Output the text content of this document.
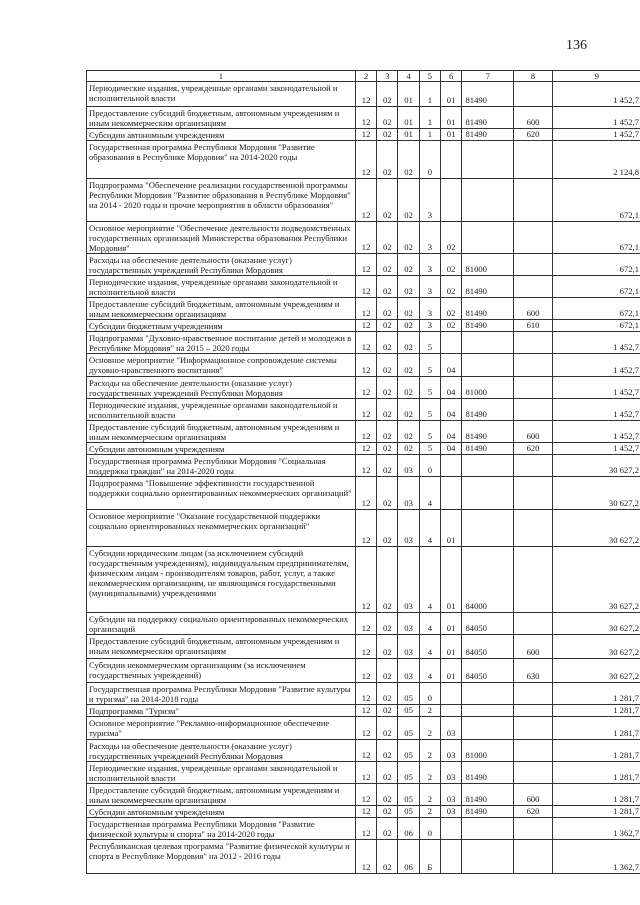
136
1	2	3	4	5	6	7	8	9
Периодические издания, учрежденные органами законодательной и исполнительной власти	12	02	01	1	01	81490		1 452,7
Предоставление субсидий бюджетным, автономным учреждениям и иным некоммерческим организациям	12	02	01	1	01	81490	600	1 452,7
Субсидии автономным учреждениям	12	02	01	1	01	81490	620	1 452,7
Государственная программа Республики Мордовия "Развитие образования в Республике Мордовия" на 2014-2020 годы	12	02	02	0				2 124,8
Подпрограмма "Обеспечение реализации государственной программы Республики Мордовия "Развитие образования в Республике Мордовия" на 2014 - 2020 годы и прочие мероприятия в области образования"	12	02	02	3				672,1
Основное мероприятие "Обеспечение деятельности подведомственных государственных организаций Министерства образования Республики Мордовия"	12	02	02	3	02			672,1
Расходы на обеспечение деятельности (оказание услуг) государственных учреждений Республики Мордовия	12	02	02	3	02	81000		672,1
Периодические издания, учрежденные органами законодательной и исполнительной власти	12	02	02	3	02	81490		672,1
Предоставление субсидий бюджетным, автономным учреждениям и иным некоммерческим организациям	12	02	02	3	02	81490	600	672,1
Субсидии бюджетным учреждениям	12	02	02	3	02	81490	610	672,1
Подпрограмма "Духовно-нравственное воспитание детей и молодежи в Республике Мордовия" на 2015 – 2020 годы	12	02	02	5				1 452,7
Основное мероприятие "Информационное сопровождение системы духовно-нравственного воспитания"	12	02	02	5	04			1 452,7
Расходы на обеспечение деятельности (оказание услуг) государственных учреждений Республики Мордовия	12	02	02	5	04	81000		1 452,7
Периодические издания, учрежденные органами законодательной и исполнительной власти	12	02	02	5	04	81490		1 452,7
Предоставление субсидий бюджетным, автономным учреждениям и иным некоммерческим организациям	12	02	02	5	04	81490	600	1 452,7
Субсидии автономным учреждениям	12	02	02	5	04	81490	620	1 452,7
Государственная программа Республики Мордовия "Социальная поддержка граждан" на 2014-2020 годы	12	02	03	0				30 627,2
Подпрограмма "Повышение эффективности государственной поддержки социально ориентированных некоммерческих организаций"	12	02	03	4				30 627,2
Основное мероприятие "Оказание государственной поддержки социально ориентированных некоммерческих организаций"	12	02	03	4	01			30 627,2
Субсидии юридическим лицам (за исключением субсидий государственным учреждениям), индивидуальным предпринимателям, физическим лицам - производителям товаров, работ, услуг, а также некоммерческим организациям, не являющимся государственными (муниципальными) учреждениями	12	02	03	4	01	84000		30 627,2
Субсидии на поддержку социально ориентированных некоммерческих организаций	12	02	03	4	01	84050		30 627,2
Предоставление субсидий бюджетным, автономным учреждениям и иным некоммерческим организациям	12	02	03	4	01	84050	600	30 627,2
Субсидии некоммерческим организациям (за исключением государственных учреждений)	12	02	03	4	01	84050	630	30 627,2
Государственная программа Республики Мордовия "Развитие культуры и туризма" на 2014-2018 годы	12	02	05	0				1 281,7
Подпрограмма "Туризм"	12	02	05	2				1 281,7
Основное мероприятие "Рекламно-информационное обеспечение туризма"	12	02	05	2	03			1 281,7
Расходы на обеспечение деятельности (оказание услуг) государственных учреждений Республики Мордовия	12	02	05	2	03	81000		1 281,7
Периодические издания, учрежденные органами законодательной и исполнительной власти	12	02	05	2	03	81490		1 281,7
Предоставление субсидий бюджетным, автономным учреждениям и иным некоммерческим организациям	12	02	05	2	03	81490	600	1 281,7
Субсидии автономным учреждениям	12	02	05	2	03	81490	620	1 281,7
Государственная программа Республики Мордовия "Развитие физической культуры и спорта" на 2014-2020 годы	12	02	06	0				1 362,7
Республиканская целевая программа "Развитие физической культуры и спорта в Республике Мордовия" на 2012 - 2016 годы	12	02	06	Б				1 362,7
